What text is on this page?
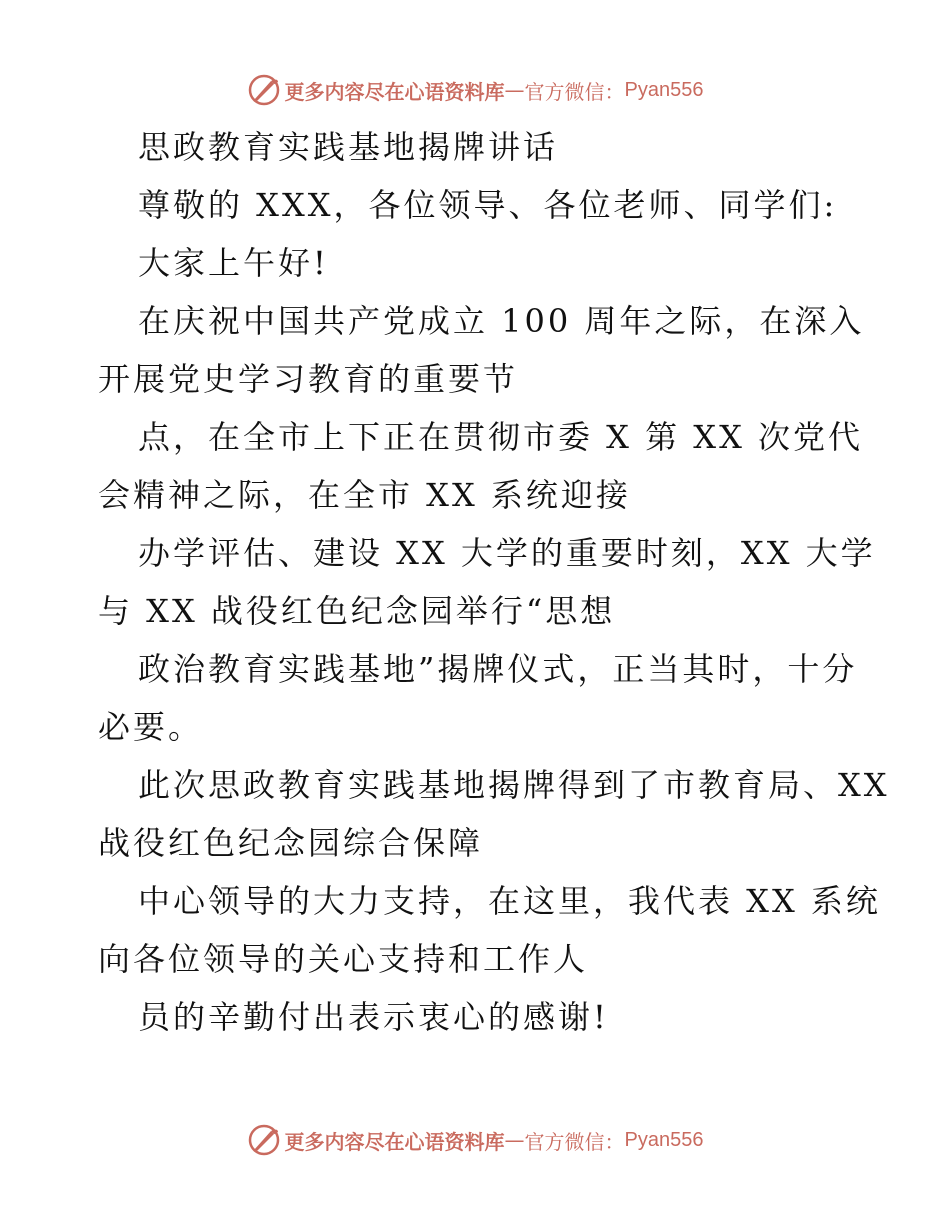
更多内容尽在心语资料库 — 官方微信： Pyan556
思政教育实践基地揭牌讲话
尊敬的 XXX，各位领导、各位老师、同学们:
大家上午好!
在庆祝中国共产党成立 100 周年之际，在深入
开展党史学习教育的重要节
点，在全市上下正在贯彻市委 X 第 XX 次党代
会精神之际，在全市 XX 系统迎接
办学评估、建设 XX 大学的重要时刻，XX 大学
与 XX 战役红色纪念园举行“思想
政治教育实践基地”揭牌仪式，正当其时，十分
必要。
此次思政教育实践基地揭牌得到了市教育局、XX
战役红色纪念园综合保障
中心领导的大力支持，在这里，我代表 XX 系统
向各位领导的关心支持和工作人
员的辛勤付出表示衷心的感谢!
更多内容尽在心语资料库 — 官方微信： Pyan556
